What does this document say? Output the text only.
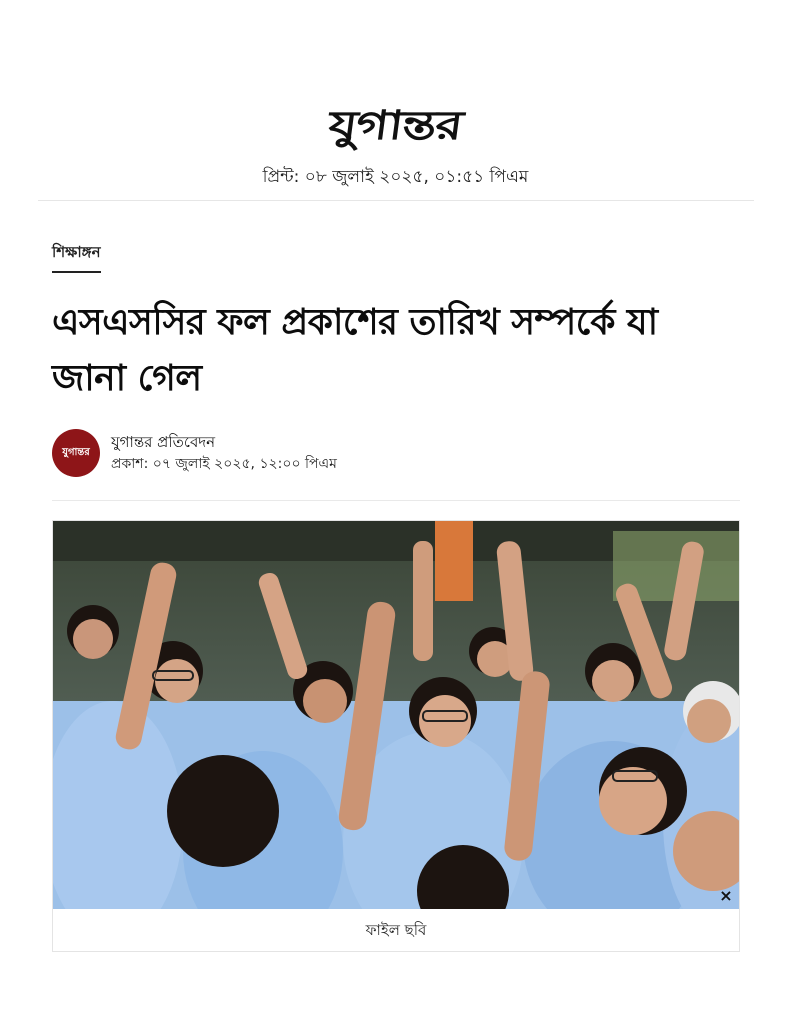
যুগান্তর
প্রিন্ট: ০৮ জুলাই ২০২৫, ০১:৫১ পিএম
শিক্ষাঙ্গন
এসএসসির ফল প্রকাশের তারিখ সম্পর্কে যা জানা গেল
যুগান্তর
যুগান্তর প্রতিবেদন
প্রকাশ: ০৭ জুলাই ২০২৫, ১২:০০ পিএম
×
ফাইল ছবি
